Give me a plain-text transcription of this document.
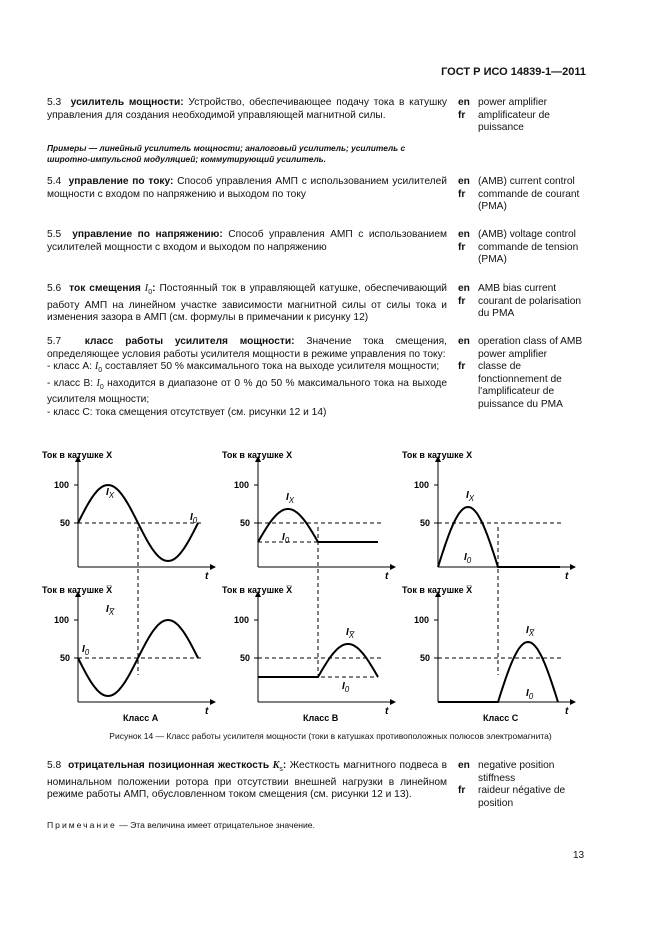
ГОСТ Р ИСО 14839-1—2011
5.3 усилитель мощности: Устройство, обеспечивающее подачу тока в катушку управления для создания необходимой управляющей магнитной силы.
en power amplifier
fr	amplificateur de puissance
Примеры — линейный усилитель мощности; аналоговый усилитель; усилитель с широтно-импульсной модуляцией; коммутирующий усилитель.
5.4 управление по току: Способ управления АМП с использованием усилителей мощности с входом по напряжению и выходом по току
en (AMB) current control
fr	commande de courant (PMA)
5.5 управление по напряжению: Способ управления АМП с использованием усилителей мощности с входом и выходом по напряжению
en (AMB) voltage control
fr	commande de tension (PMA)
5.6 ток смещения $I_0$: Постоянный ток в управляющей катушке, обеспечивающий работу АМП на линейном участке зависимости магнитной силы от силы тока и изменения зазора в АМП (см. формулы в примечании к рисунку 12)
en AMB bias current
fr	courant de polarisation du PMA
5.7 класс работы усилителя мощности: Значение тока смещения, определяющее условия работы усилителя мощности в режиме управления по току:
- класс A: $I_0$ составляет 50 % максимального тока на выходе усилителя мощности;
- класс B: $I_0$ находится в диапазоне от 0 % до 50 % максимального тока на выходе усилителя мощности;
- класс C: тока смещения отсутствует (см. рисунки 12 и 14)
en operation class of AMB power amplifier
fr	classe de fonctionnement de l'amplificateur de puissance du PMA
Ток в катушке X
100
50
t
$I_X$
$I_0$
Ток в катушке X̅
100
50
t
$I_{X̅}$
$I_0$
Класс A
Ток в катушке X
100
50
t
$I_X$
$I_0$
Ток в катушке X̅
100
50
t
$I_{X̅}$
$I_0$
Класс B
Ток в катушке X
100
50
t
$I_X$
$I_0$
Ток в катушке X̅
100
50
t
$I_{X̅}$
$I_0$
Класс C
Рисунок 14 — Класс работы усилителя мощности (токи в катушках противоположных полюсов электромагнита)
5.8 отрицательная позиционная жесткость $K_s$: Жесткость магнитного подвеса в номинальном положении ротора при отсутствии внешней нагрузки в линейном режиме работы АМП, обусловленном током смещения (см. рисунки 12 и 13).
en negative position stiffness
fr	raideur négative de position
Примечание — Эта величина имеет отрицательное значение.
13
